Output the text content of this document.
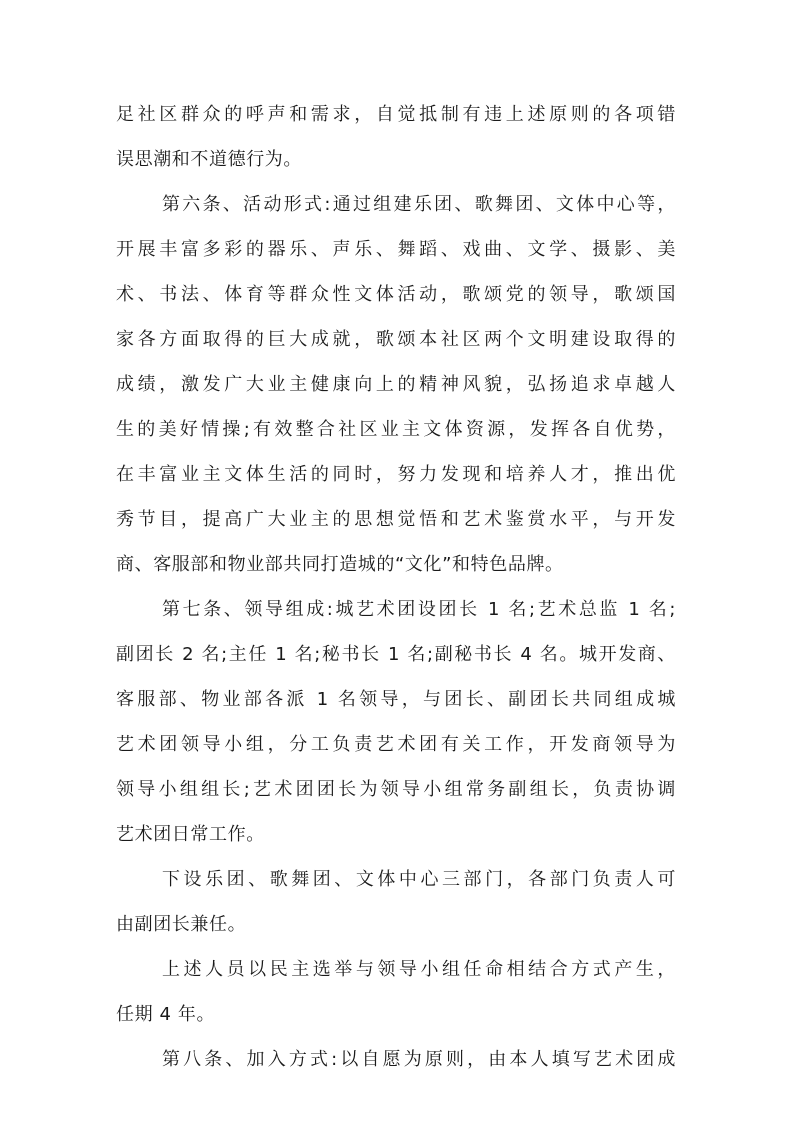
足社区群众的呼声和需求，自觉抵制有违上述原则的各项错
误思潮和不道德行为。
第六条、活动形式:通过组建乐团、歌舞团、文体中心等，
开展丰富多彩的器乐、声乐、舞蹈、戏曲、文学、摄影、美
术、书法、体育等群众性文体活动，歌颂党的领导，歌颂国
家各方面取得的巨大成就，歌颂本社区两个文明建设取得的
成绩，激发广大业主健康向上的精神风貌，弘扬追求卓越人
生的美好情操;有效整合社区业主文体资源，发挥各自优势，
在丰富业主文体生活的同时，努力发现和培养人才，推出优
秀节目，提高广大业主的思想觉悟和艺术鉴赏水平，与开发
商、客服部和物业部共同打造城的“文化”和特色品牌。
第七条、领导组成:城艺术团设团长 1 名;艺术总监 1 名;
副团长 2 名;主任 1 名;秘书长 1 名;副秘书长 4 名。城开发商、
客服部、物业部各派 1 名领导，与团长、副团长共同组成城
艺术团领导小组，分工负责艺术团有关工作，开发商领导为
领导小组组长;艺术团团长为领导小组常务副组长，负责协调
艺术团日常工作。
下设乐团、歌舞团、文体中心三部门，各部门负责人可
由副团长兼任。
上述人员以民主选举与领导小组任命相结合方式产生，
任期 4 年。
第八条、加入方式:以自愿为原则，由本人填写艺术团成
